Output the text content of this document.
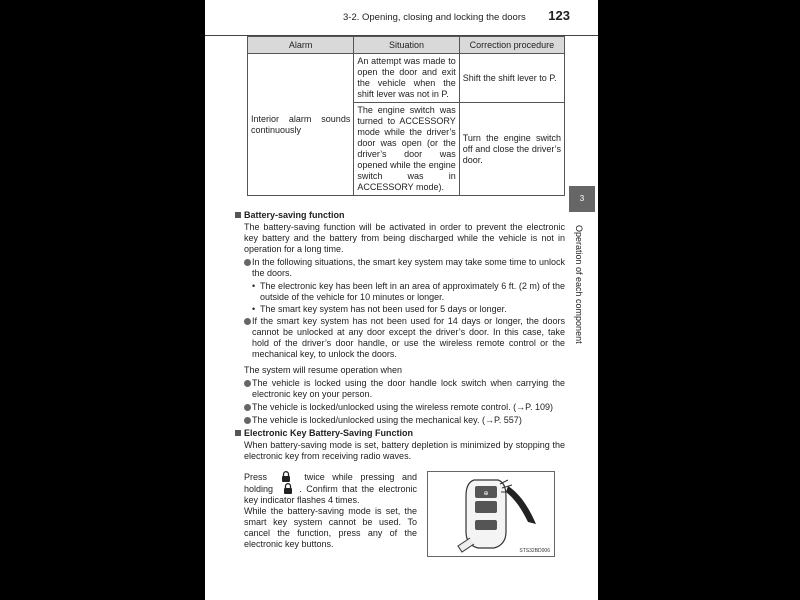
3-2. Opening, closing and locking the doors 123
Alarm	Situation	Correction procedure
Interior alarm sounds continuously	An attempt was made to open the door and exit the vehicle when the shift lever was not in P.	Shift the shift lever to P.
	The engine switch was turned to ACCESSORY mode while the driver’s door was open (or the driver’s door was opened while the engine switch was in ACCESSORY mode).	Turn the engine switch off and close the driver’s door.
Battery-saving function
The battery-saving function will be activated in order to prevent the electronic key battery and the battery from being discharged while the vehicle is not in operation for a long time.
In the following situations, the smart key system may take some time to unlock the doors.
• The electronic key has been left in an area of approximately 6 ft. (2 m) of the outside of the vehicle for 10 minutes or longer.
• The smart key system has not been used for 5 days or longer.
If the smart key system has not been used for 14 days or longer, the doors cannot be unlocked at any door except the driver’s door. In this case, take hold of the driver’s door handle, or use the wireless remote control or the mechanical key, to unlock the doors.
The system will resume operation when
The vehicle is locked using the door handle lock switch when carrying the electronic key on your person.
The vehicle is locked/unlocked using the wireless remote control. (→P. 109)
The vehicle is locked/unlocked using the mechanical key. (→P. 557)
Electronic Key Battery-Saving Function
When battery-saving mode is set, battery depletion is minimized by stopping the electronic key from receiving radio waves.
Press	twice while pressing and holding	. Confirm that the electronic key indicator flashes 4 times.
While the battery-saving mode is set, the smart key system cannot be used. To cancel the function, press any of the electronic key buttons.
⊕
STS32BD006
3
Operation of each component
